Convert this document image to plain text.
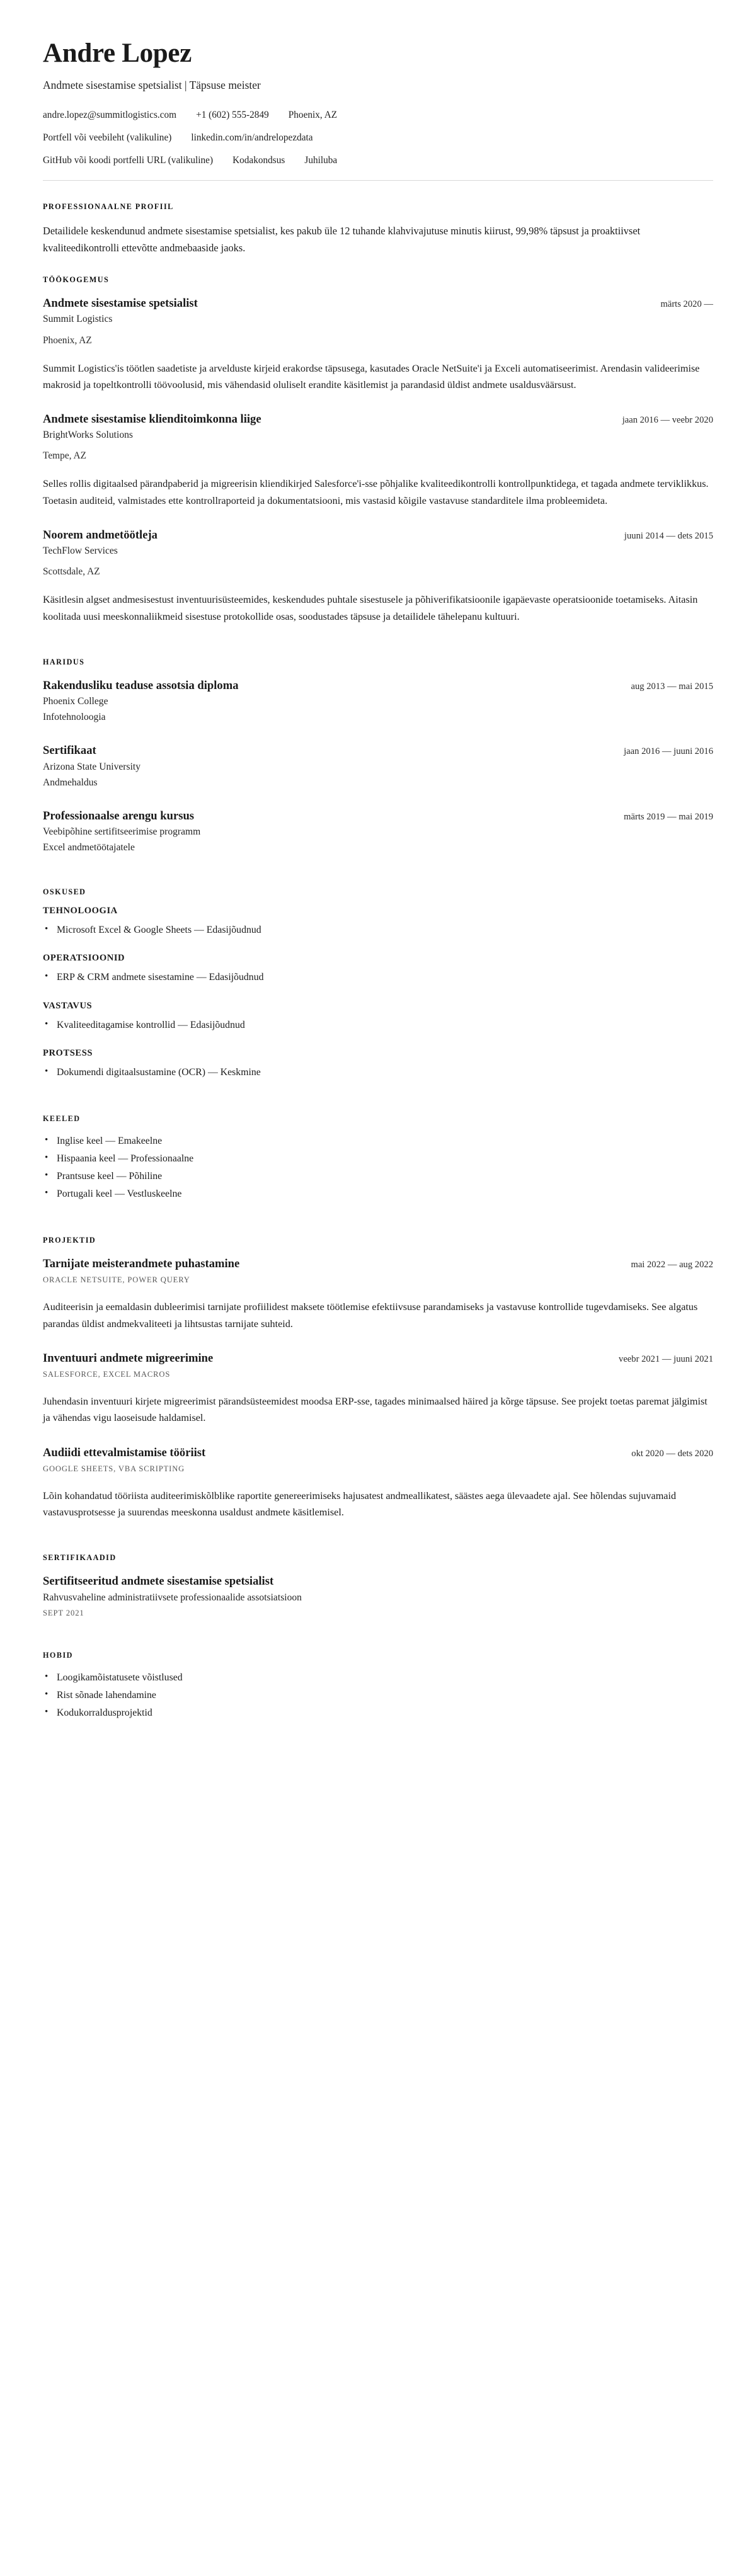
Andre Lopez

Andmete sisestamise spetsialist | Täpsuse meister

andre.lopez@summitlogistics.com +1 (602) 555-2849 Phoenix, AZ
Portfell või veebileht (valikuline) linkedin.com/in/andrelopezdata
GitHub või koodi portfelli URL (valikuline) Kodakondsus Juhiluba
PROFESSIONAALNE PROFIIL

Detailidele keskendunud andmete sisestamise spetsialist, kes pakub üle 12 tuhande klahvivajutuse minutis kiirust, 99,98% täpsust ja proaktiivset kvaliteedikontrolli ettevõtte andmebaaside jaoks.

TÖÖKOGEMUS
Andmete sisestamise spetsialist	märts 2020 —

Summit Logistics

Phoenix, AZ

Summit Logistics'is töötlen saadetiste ja arvelduste kirjeid erakordse täpsusega, kasutades Oracle NetSuite'i ja Exceli automatiseerimist. Arendasin valideerimise makrosid ja topeltkontrolli töövoolusid, mis vähendasid oluliselt erandite käsitlemist ja parandasid üldist andmete usaldusväärsust.

Andmete sisestamise klienditoimkonna liige	jaan 2016 — veebr 2020

BrightWorks Solutions

Tempe, AZ

Selles rollis digitaalsed pärandpaberid ja migreerisin kliendikirjed Salesforce'i-sse põhjalike kvaliteedikontrolli kontrollpunktidega, et tagada andmete terviklikkus. Toetasin auditeid, valmistades ette kontrollraporteid ja dokumentatsiooni, mis vastasid kõigile vastavuse standarditele ilma probleemideta.

Noorem andmetöötleja	juuni 2014 — dets 2015

TechFlow Services

Scottsdale, AZ

Käsitlesin algset andmesisestust inventuurisüsteemides, keskendudes puhtale sisestusele ja põhiverifikatsioonile igapäevaste operatsioonide toetamiseks. Aitasin koolitada uusi meeskonnaliikmeid sisestuse protokollide osas, soodustades täpsuse ja detailidele tähelepanu kultuuri.

HARIDUS
Rakendusliku teaduse assotsia diploma	aug 2013 — mai 2015

Phoenix College

Infotehnoloogia

Sertifikaat	jaan 2016 — juuni 2016

Arizona State University

Andmehaldus

Professionaalse arengu kursus	märts 2019 — mai 2019

Veebipõhine sertifitseerimise programm

Excel andmetöötajatele

OSKUSED
TEHNOLOOGIA
• Microsoft Excel & Google Sheets — Edasijõudnud
OPERATSIOONID
• ERP & CRM andmete sisestamine — Edasijõudnud
VASTAVUS
• Kvaliteeditagamise kontrollid — Edasijõudnud
PROTSESS
• Dokumendi digitaalsustamine (OCR) — Keskmine
KEELED
• Inglise keel — Emakeelne
• Hispaania keel — Professionaalne
• Prantsuse keel — Põhiline
• Portugali keel — Vestluskeelne
PROJEKTID
Tarnijate meisterandmete puhastamine	mai 2022 — aug 2022

ORACLE NETSUITE, POWER QUERY

Auditeerisin ja eemaldasin dubleerimisi tarnijate profiilidest maksete töötlemise efektiivsuse parandamiseks ja vastavuse kontrollide tugevdamiseks. See algatus parandas üldist andmekvaliteeti ja lihtsustas tarnijate suhteid.

Inventuuri andmete migreerimine	veebr 2021 — juuni 2021

SALESFORCE, EXCEL MACROS

Juhendasin inventuuri kirjete migreerimist pärandsüsteemidest moodsa ERP-sse, tagades minimaalsed häired ja kõrge täpsuse. See projekt toetas paremat jälgimist ja vähendas vigu laoseisude haldamisel.

Audiidi ettevalmistamise tööriist	okt 2020 — dets 2020

GOOGLE SHEETS, VBA SCRIPTING

Lõin kohandatud tööriista auditeerimiskõlblike raportite genereerimiseks hajusatest andmeallikatest, säästes aega ülevaadete ajal. See hõlendas sujuvamaid vastavusprotsesse ja suurendas meeskonna usaldust andmete käsitlemisel.

SERTIFIKAADID
Sertifitseeritud andmete sisestamise spetsialist

Rahvusvaheline administratiivsete professionaalide assotsiatsioon

SEPT 2021

HOBID
• Loogikamõistatusete võistlused
• Rist sõnade lahendamine
• Kodukorraldusprojektid
